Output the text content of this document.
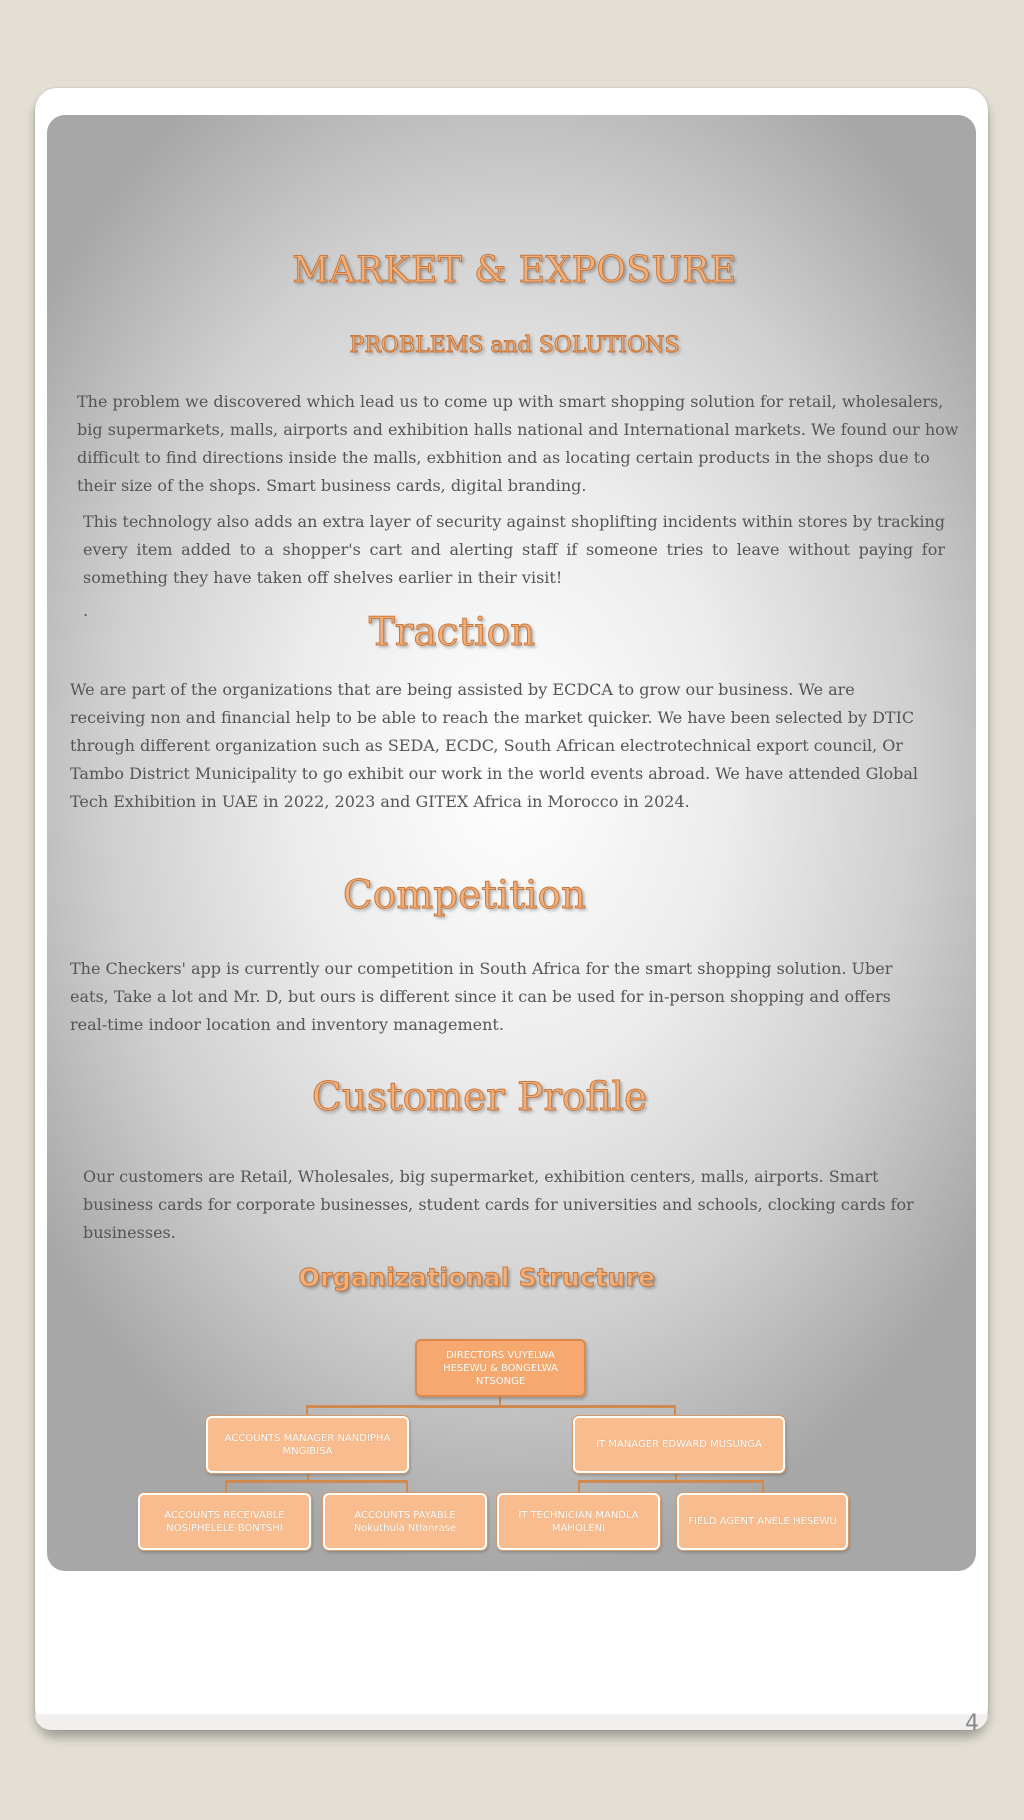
4
MARKET & EXPOSURE
PROBLEMS and SOLUTIONS

The problem we discovered which lead us to come up with smart shopping solution for retail, wholesalers, big supermarkets, malls, airports and exhibition halls national and International markets. We found our how difficult to find directions inside the malls, exbhition and as locating certain products in the shops due to their size of the shops. Smart business cards, digital branding.

This technology also adds an extra layer of security against shoplifting incidents within stores by tracking every item added to a shopper's cart and alerting staff if someone tries to leave without paying for something they have taken off shelves earlier in their visit!

.	Traction

We are part of the organizations that are being assisted by ECDCA to grow our business. We are receiving non and financial help to be able to reach the market quicker. We have been selected by DTIC through different organization such as SEDA, ECDC, South African electrotechnical export council, Or Tambo District Municipality to go exhibit our work in the world events abroad. We have attended Global Tech Exhibition in UAE in 2022, 2023 and GITEX Africa in Morocco in 2024.

Competition

The Checkers' app is currently our competition in South Africa for the smart shopping solution. Uber eats, Take a lot and Mr. D, but ours is different since it can be used for in-person shopping and offers real-time indoor location and inventory management.

Customer Profile

Our customers are Retail, Wholesales, big supermarket, exhibition centers, malls, airports. Smart business cards for corporate businesses, student cards for universities and schools, clocking cards for businesses.

Organizational Structure
DIRECTORS VUYELWA HESEWU & BONGELWA NTSONGE
ACCOUNTS MANAGER NANDIPHA MNGIBISA
IT MANAGER EDWARD MUSUNGA
ACCOUNTS RECEIVABLE NOSIPHELELE BONTSHI
ACCOUNTS PAYABLE
Nokuthula Ntlanrase
IT TECHNICIAN MANDLA MAHOLENI
FIELD AGENT ANELE HESEWU
